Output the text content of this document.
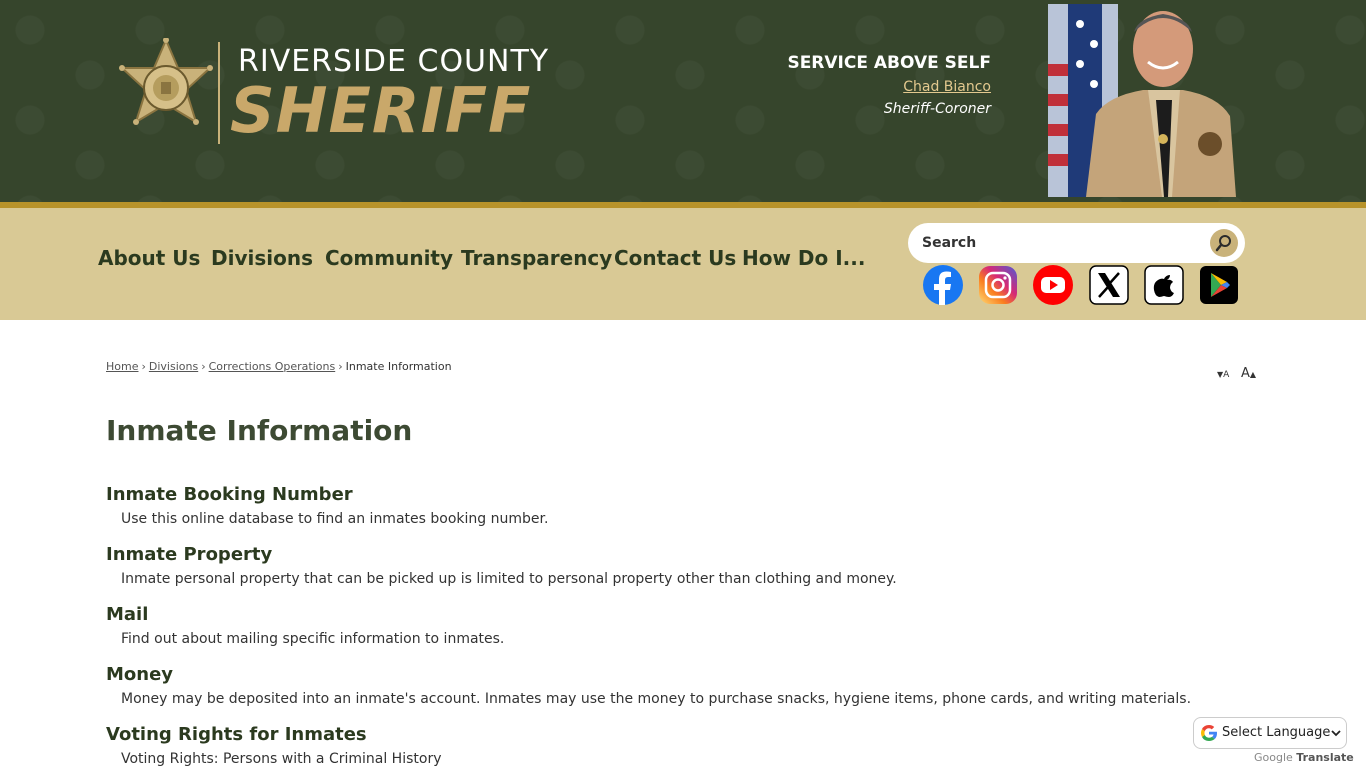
RIVERSIDE COUNTY
SHERIFF
SERVICE ABOVE SELF
Chad Bianco
Sheriff-Coroner
About Us Divisions Community Transparency Contact Us How Do I...
Search
Home › Divisions › Corrections Operations › Inmate Information
▼A A▲
Inmate Information
Inmate Booking Number
Use this online database to find an inmates booking number.
Inmate Property
Inmate personal property that can be picked up is limited to personal property other than clothing and money.
Mail
Find out about mailing specific information to inmates.
Money
Money may be deposited into an inmate's account. Inmates may use the money to purchase snacks, hygiene items, phone cards, and writing materials.
Voting Rights for Inmates
Voting Rights: Persons with a Criminal History
Select Language
Google Translate
